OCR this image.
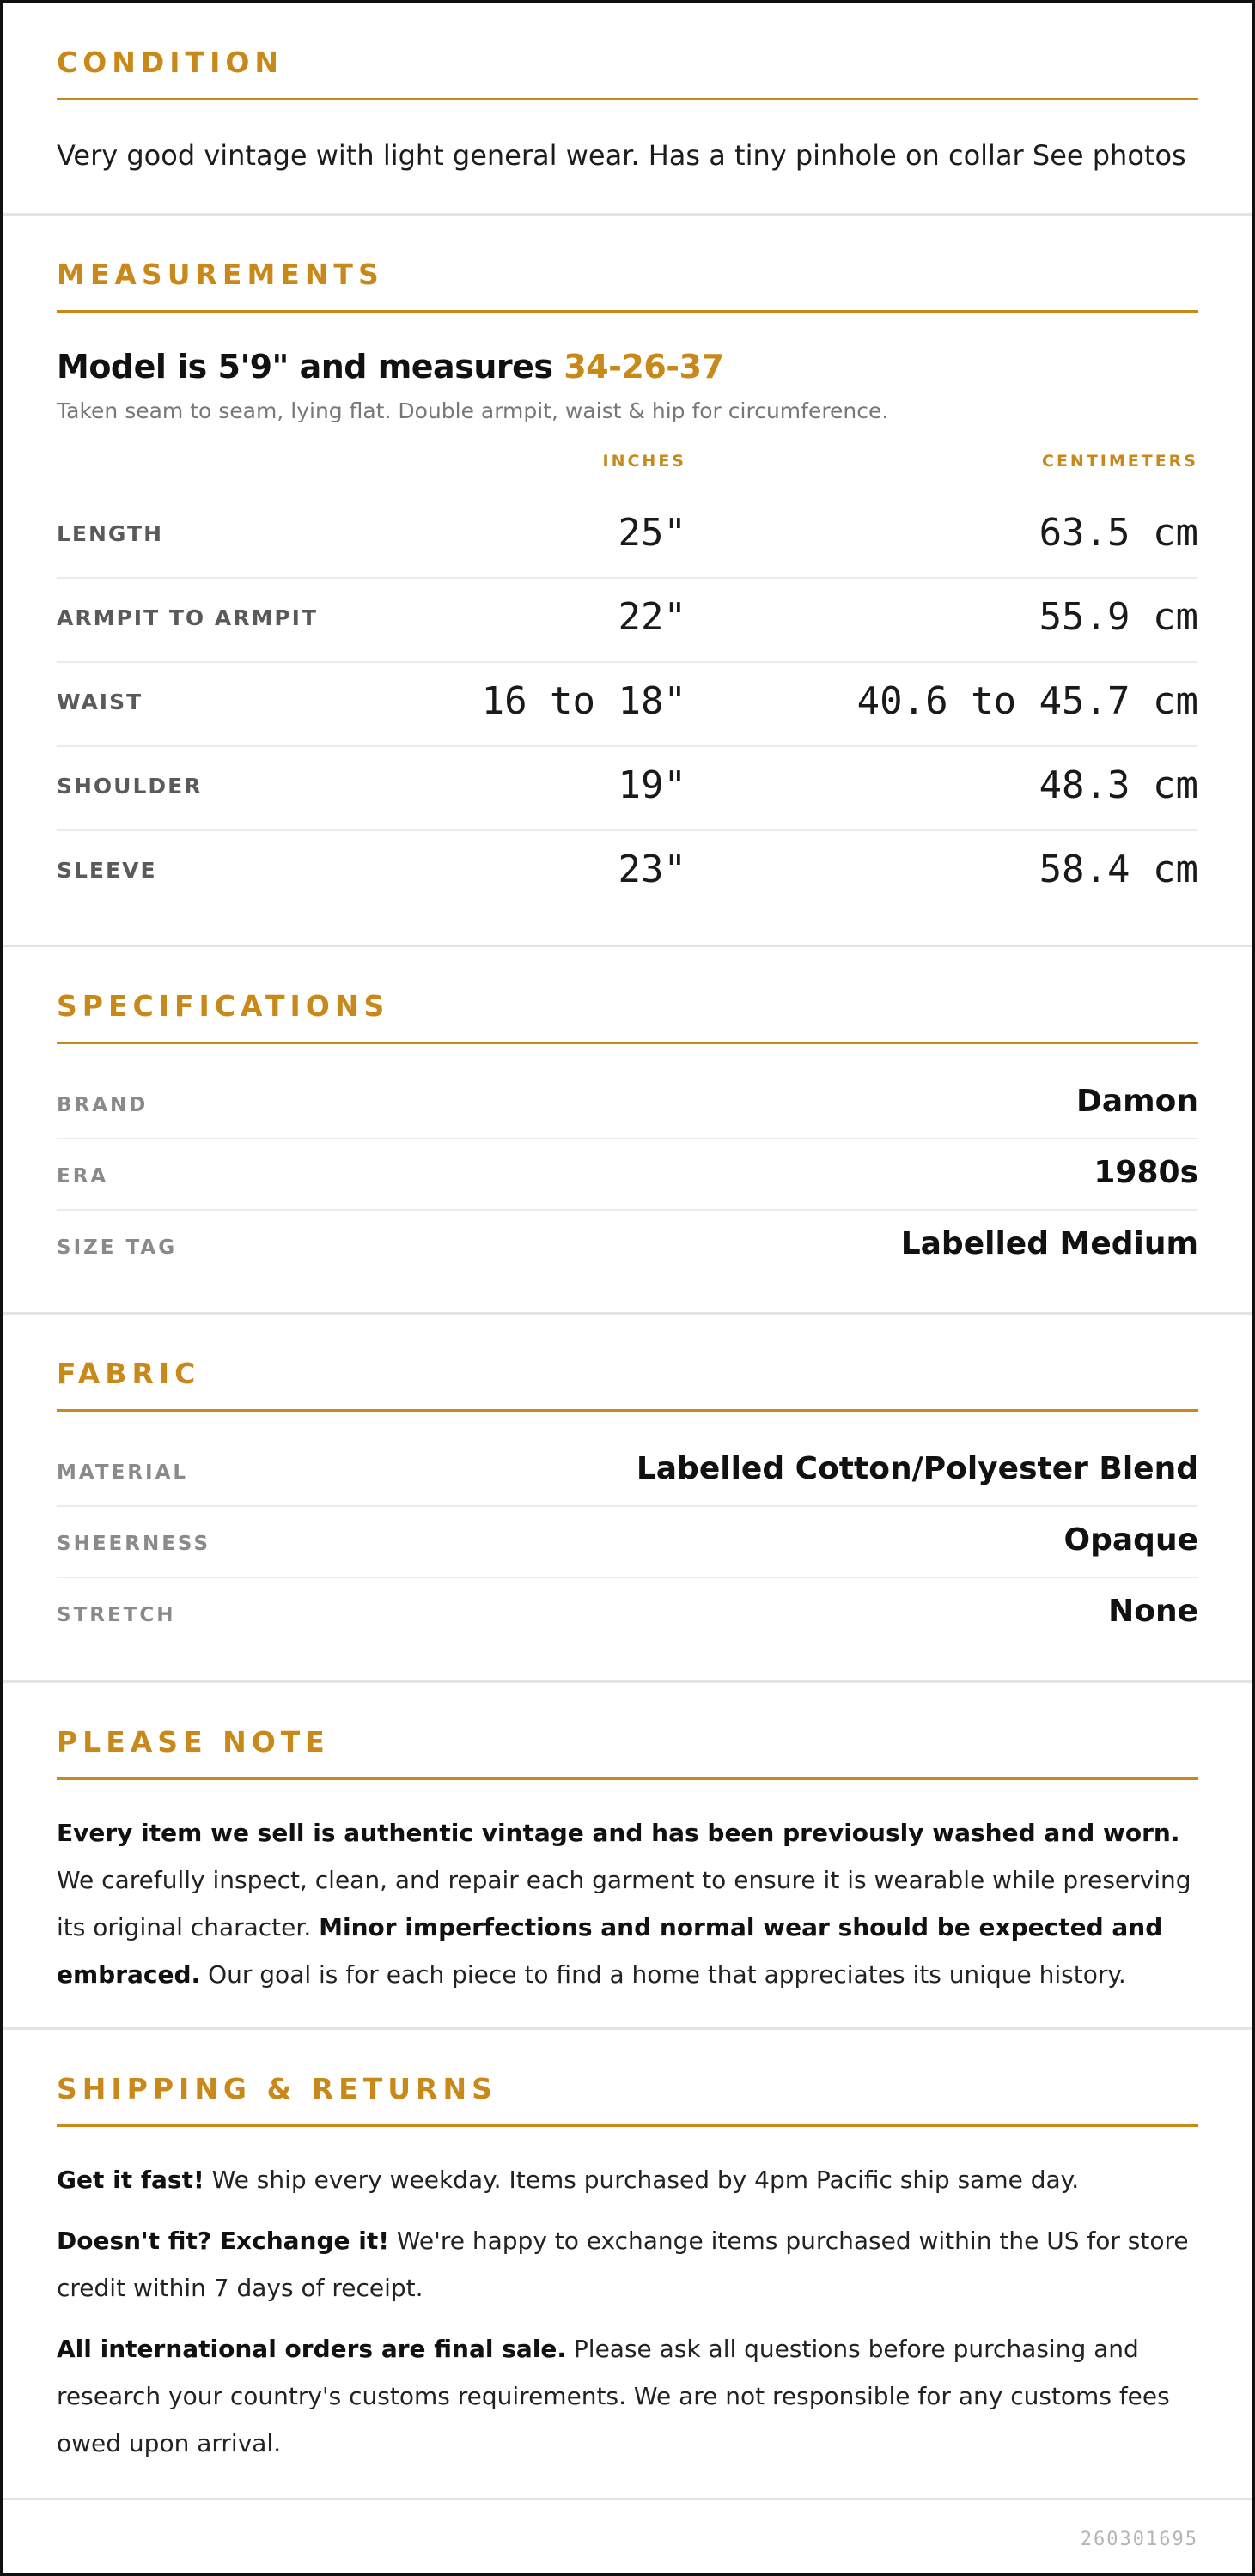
CONDITION

Very good vintage with light general wear. Has a tiny pinhole on collar See photos

MEASUREMENTS

Model is 5'9" and measures 34-26-37

Taken seam to seam, lying flat. Double armpit, waist & hip for circumference.

INCHES	CENTIMETERS
LENGTH	25"	63.5 cm
ARMPIT TO ARMPIT	22"	55.9 cm
WAIST	16 to 18"	40.6 to 45.7 cm
SHOULDER	19"	48.3 cm
SLEEVE	23"	58.4 cm
SPECIFICATIONS
BRAND	Damon
ERA	1980s
SIZE TAG	Labelled Medium
FABRIC
MATERIAL	Labelled Cotton/Polyester Blend
SHEERNESS	Opaque
STRETCH	None
PLEASE NOTE

Every item we sell is authentic vintage and has been previously washed and worn. We carefully inspect, clean, and repair each garment to ensure it is wearable while preserving its original character. Minor imperfections and normal wear should be expected and embraced. Our goal is for each piece to find a home that appreciates its unique history.

SHIPPING & RETURNS

Get it fast! We ship every weekday. Items purchased by 4pm Pacific ship same day.

Doesn't fit? Exchange it! We're happy to exchange items purchased within the US for store credit within 7 days of receipt.

All international orders are final sale. Please ask all questions before purchasing and research your country's customs requirements. We are not responsible for any customs fees owed upon arrival.

260301695
